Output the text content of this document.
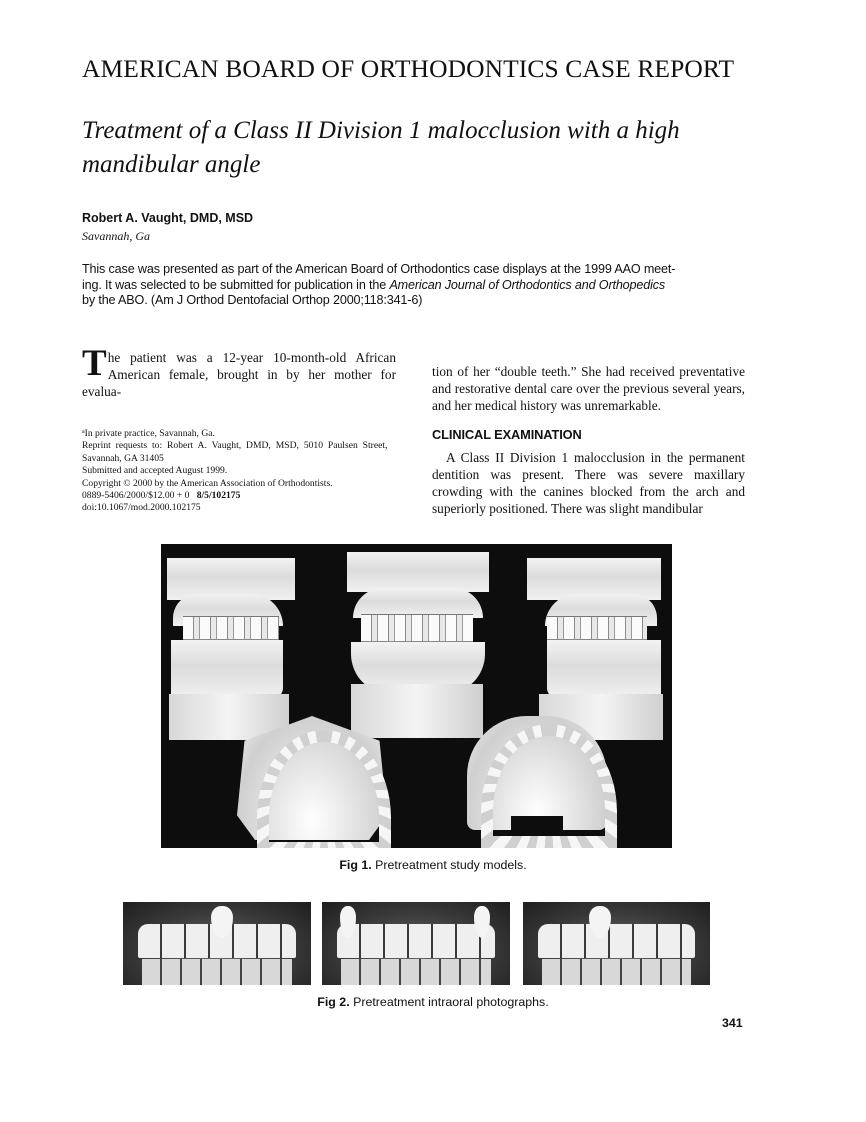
AMERICAN BOARD OF ORTHODONTICS CASE REPORT
Treatment of a Class II Division 1 malocclusion with a high
mandibular angle
Robert A. Vaught, DMD, MSD
Savannah, Ga
This case was presented as part of the American Board of Orthodontics case displays at the 1999 AAO meet-
ing. It was selected to be submitted for publication in the American Journal of Orthodontics and Orthopedics
by the ABO. (Am J Orthod Dentofacial Orthop 2000;118:341-6)
The patient was a 12-year 10-month-old African American female, brought in by her mother for evalua-
$^a$In private practice, Savannah, Ga.
Reprint requests to: Robert A. Vaught, DMD, MSD, 5010 Paulsen Street,
Savannah, GA 31405
Submitted and accepted August 1999.
Copyright © 2000 by the American Association of Orthodontists.
0889-5406/2000/$12.00 + 0 8/5/102175
doi:10.1067/mod.2000.102175

tion of her “double teeth.” She had received preventative and restorative dental care over the previous several years, and her medical history was unremarkable.

CLINICAL EXAMINATION

A Class II Division 1 malocclusion in the permanent dentition was present. There was severe maxillary crowding with the canines blocked from the arch and superiorly positioned. There was slight mandibular

Fig 1. Pretreatment study models.
Fig 2. Pretreatment intraoral photographs.
341
